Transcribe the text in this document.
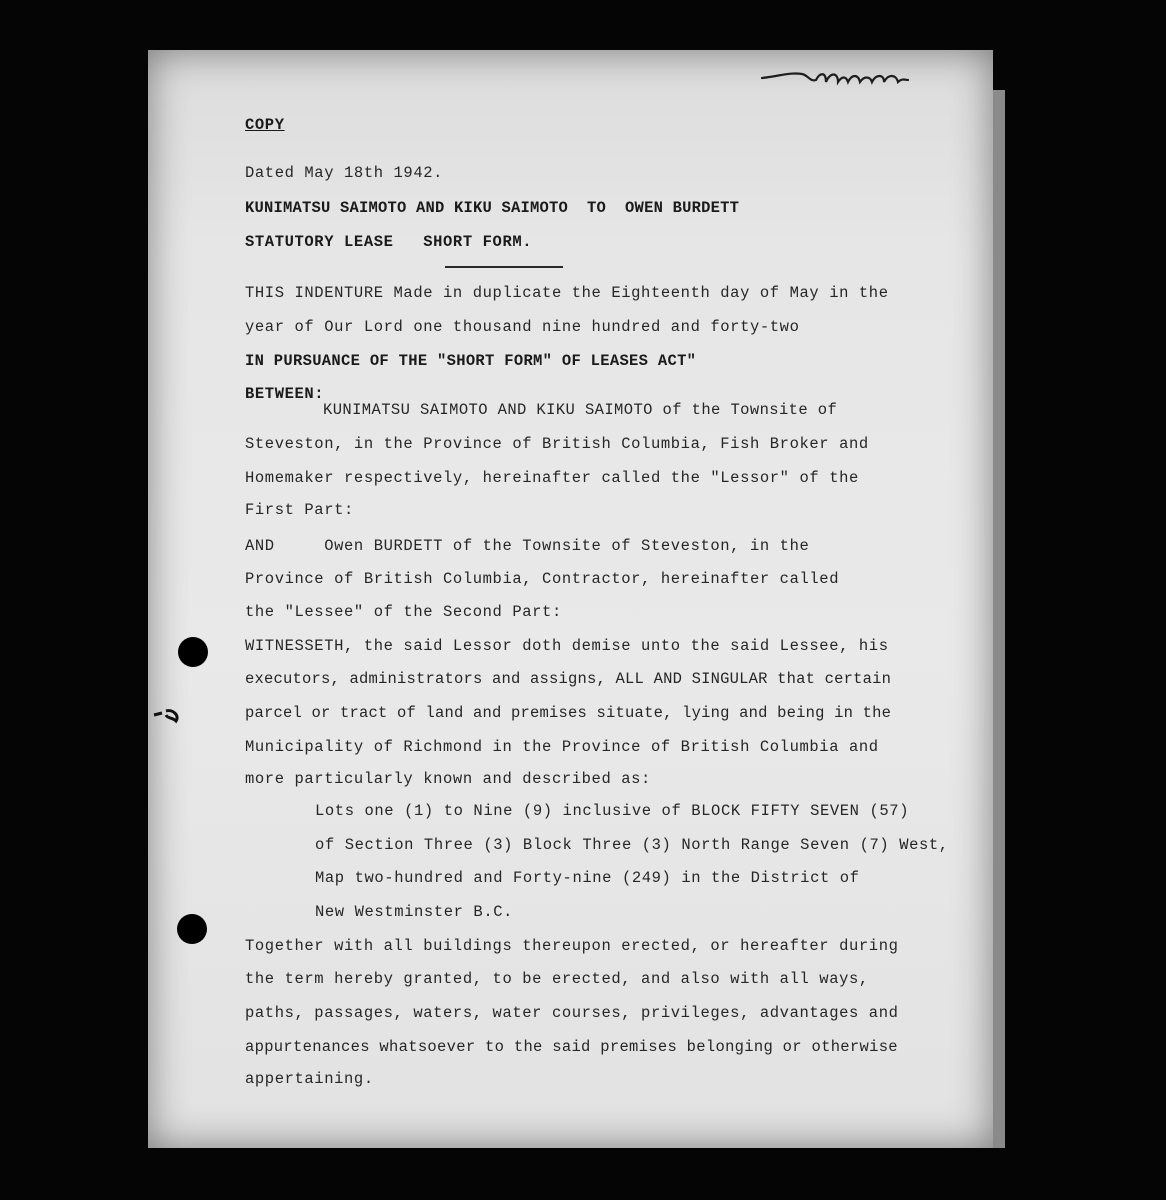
COPY
Dated May 18th 1942.
KUNIMATSU SAIMOTO AND KIKU SAIMOTO  TO  OWEN BURDETT
STATUTORY LEASE   SHORT FORM.
THIS INDENTURE Made in duplicate the Eighteenth day of May in the
year of Our Lord one thousand nine hundred and forty-two
IN PURSUANCE OF THE "SHORT FORM" OF LEASES ACT"
BETWEEN:
KUNIMATSU SAIMOTO AND KIKU SAIMOTO of the Townsite of
Steveston, in the Province of British Columbia, Fish Broker and
Homemaker respectively, hereinafter called the "Lessor" of the
First Part:
AND     Owen BURDETT of the Townsite of Steveston, in the
Province of British Columbia, Contractor, hereinafter called
the "Lessee" of the Second Part:
WITNESSETH, the said Lessor doth demise unto the said Lessee, his
executors, administrators and assigns, ALL AND SINGULAR that certain
parcel or tract of land and premises situate, lying and being in the
Municipality of Richmond in the Province of British Columbia and
more particularly known and described as:
Lots one (1) to Nine (9) inclusive of BLOCK FIFTY SEVEN (57)
of Section Three (3) Block Three (3) North Range Seven (7) West,
Map two-hundred and Forty-nine (249) in the District of
New Westminster B.C.
Together with all buildings thereupon erected, or hereafter during
the term hereby granted, to be erected, and also with all ways,
paths, passages, waters, water courses, privileges, advantages and
appurtenances whatsoever to the said premises belonging or otherwise
appertaining.
